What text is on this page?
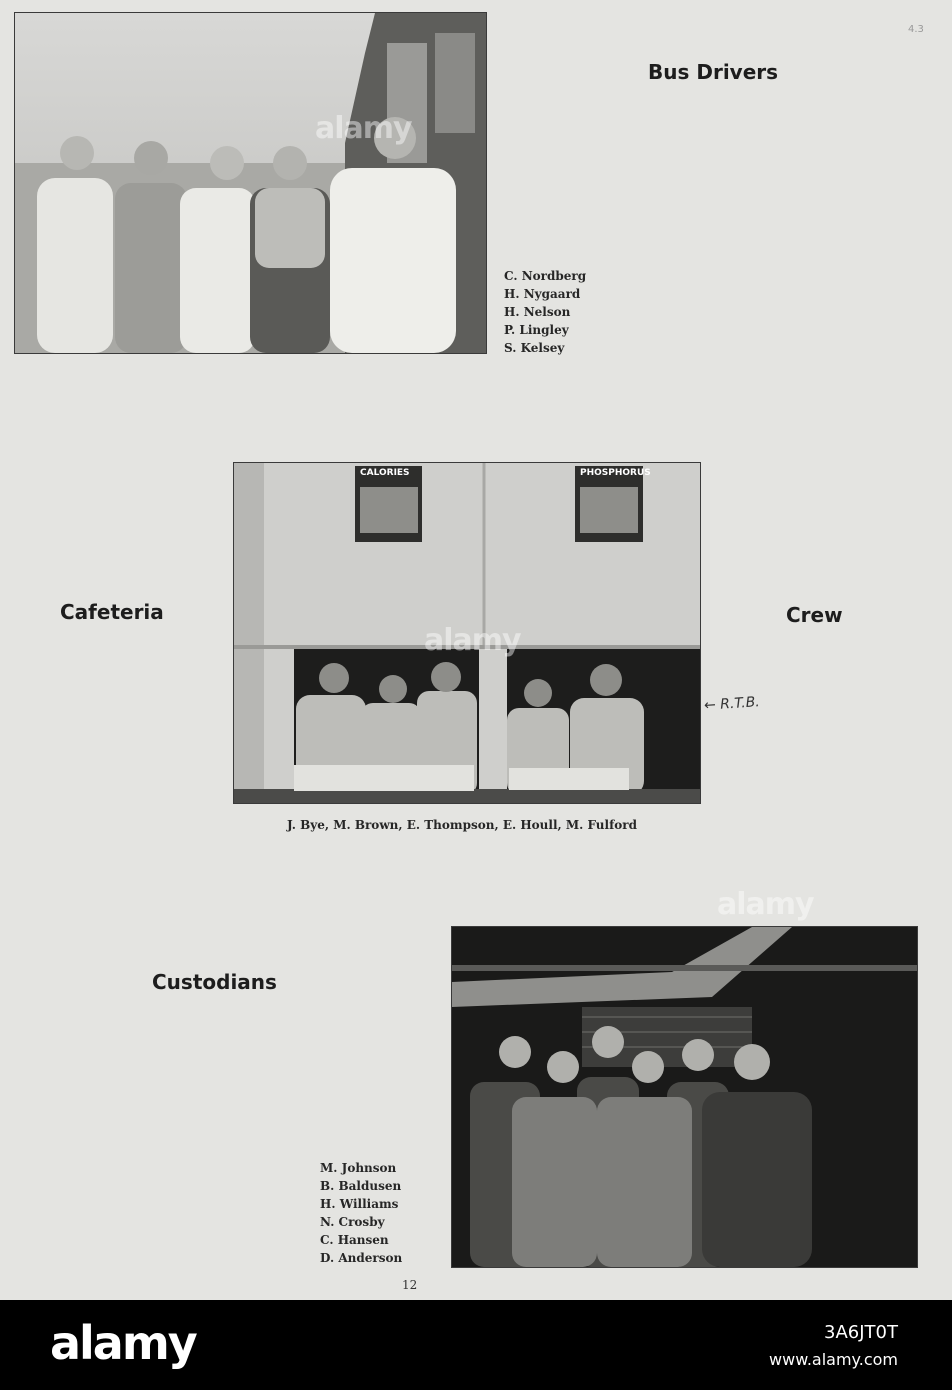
4.3
alamy
Bus Drivers
C. Nordberg
H. Nygaard
H. Nelson
P. Lingley
S. Kelsey
Cafeteria	Crew
CALORIES	PHOSPHORUS
alamy
← R.T.B.
J. Bye, M. Brown, E. Thompson, E. Houll, M. Fulford
Custodians
alamy
M. Johnson
B. Baldusen
H. Williams
N. Crosby
C. Hansen
D. Anderson
12
alamy	3A6JT0T
www.alamy.com
